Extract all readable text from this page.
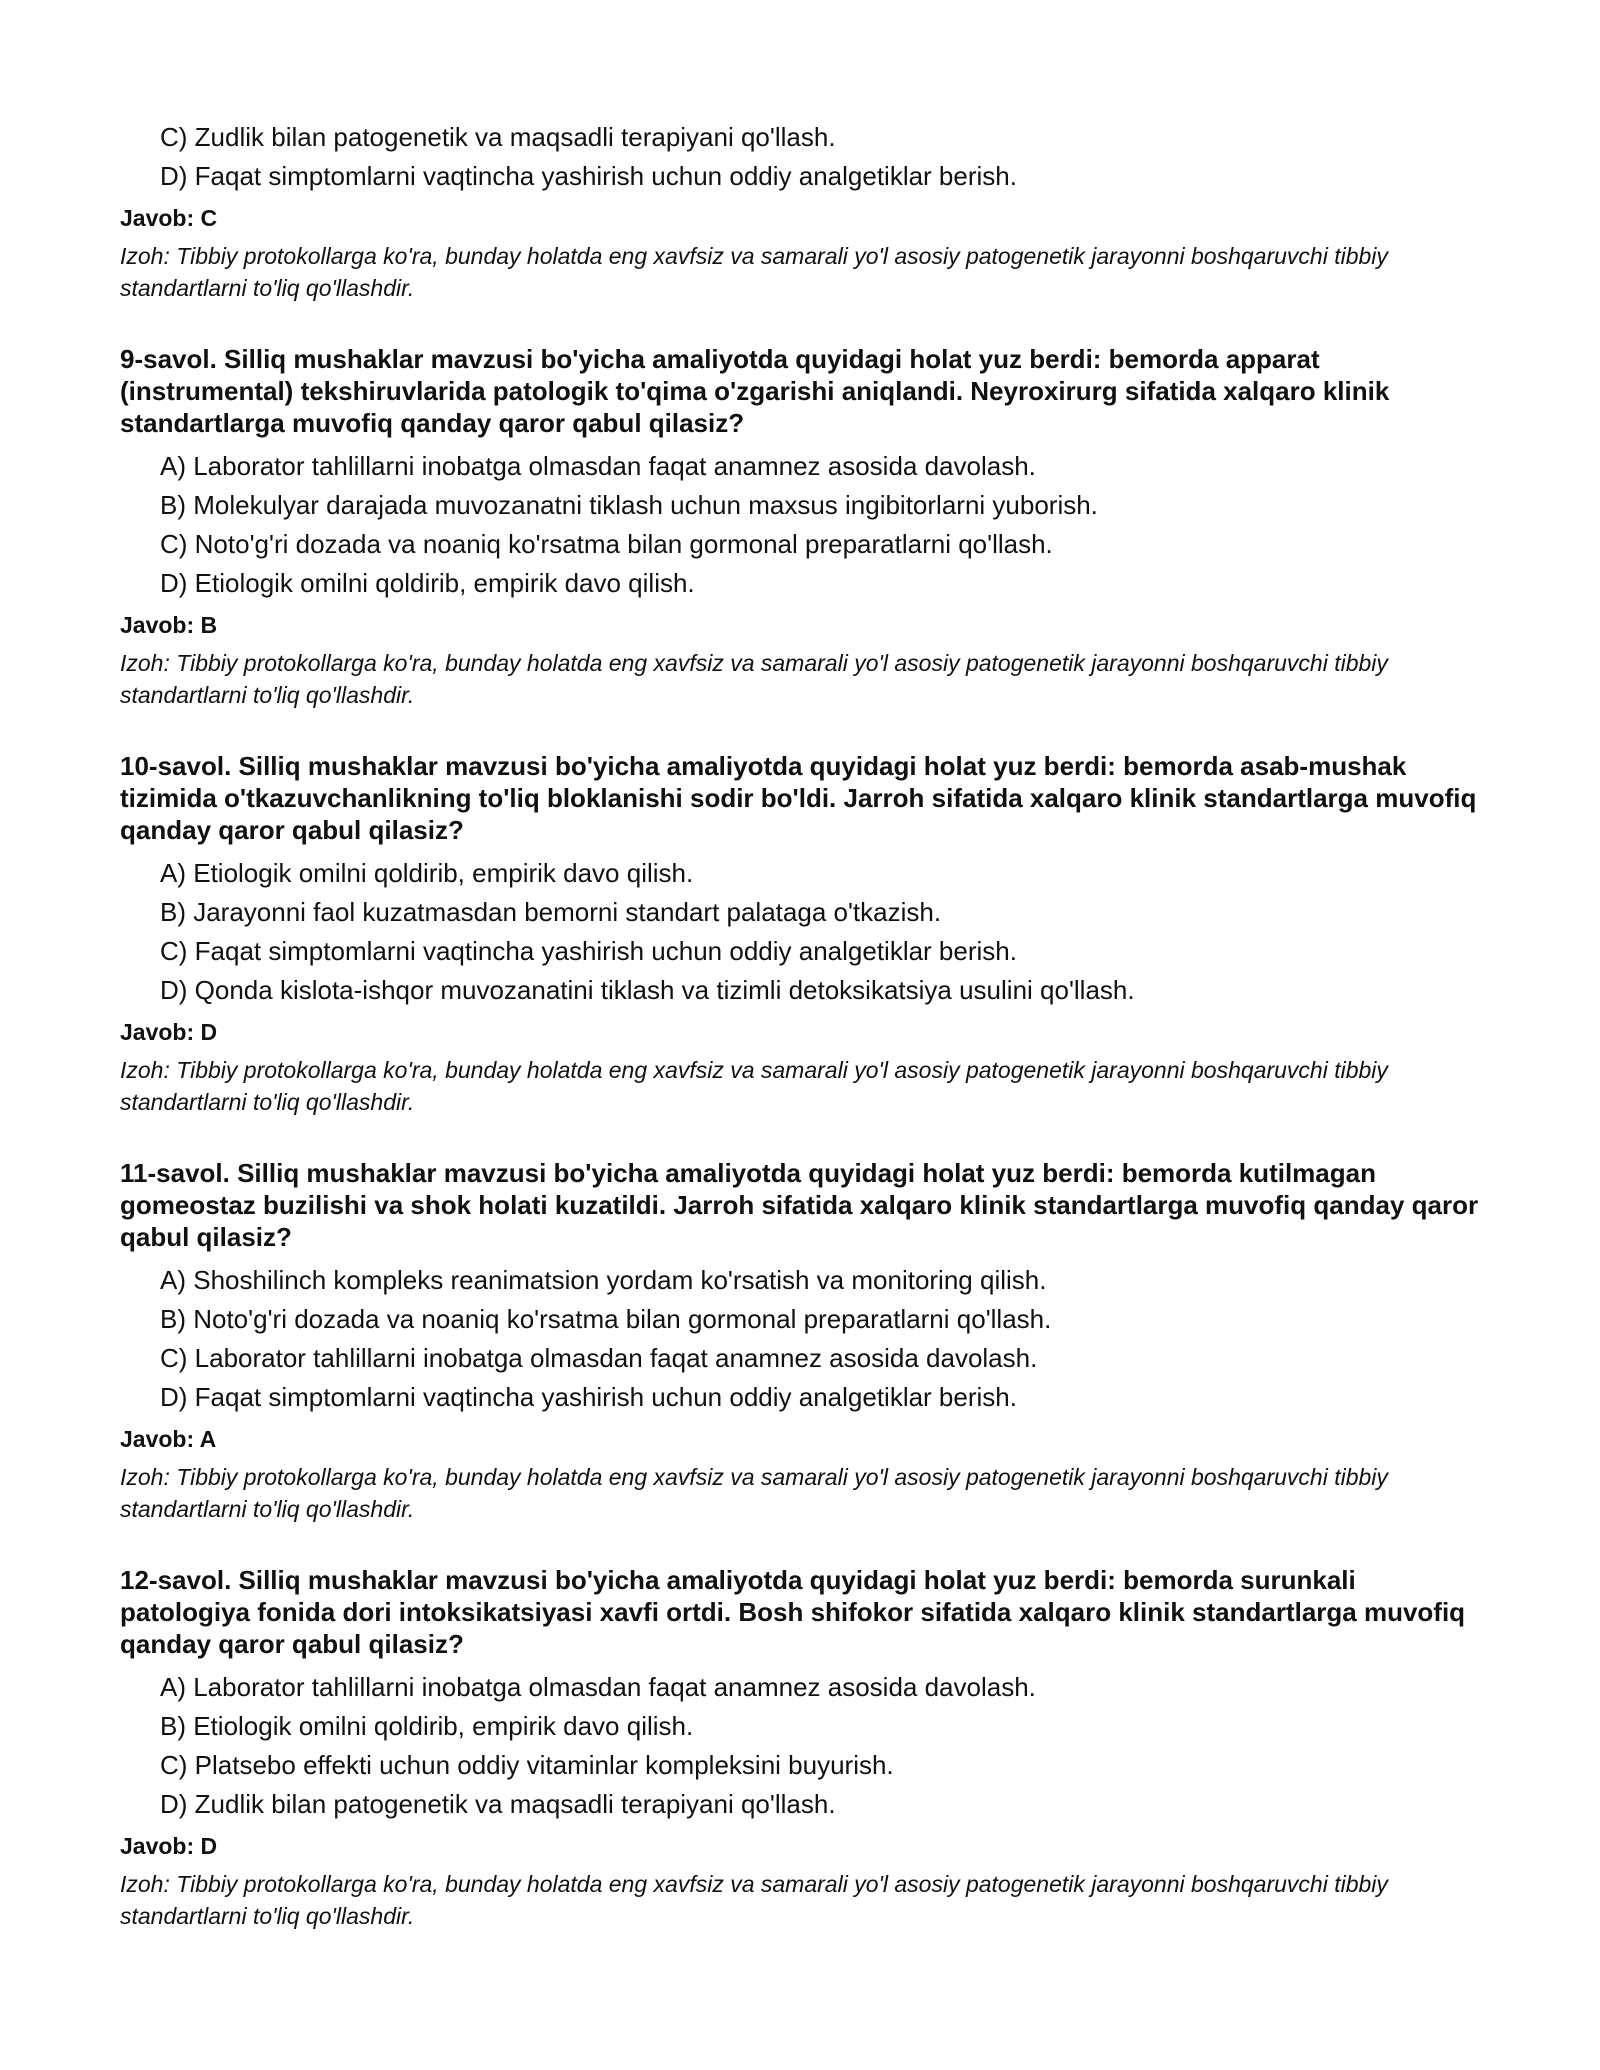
C) Zudlik bilan patogenetik va maqsadli terapiyani qo'llash.
D) Faqat simptomlarni vaqtincha yashirish uchun oddiy analgetiklar berish.
Javob: C
Izoh: Tibbiy protokollarga ko'ra, bunday holatda eng xavfsiz va samarali yo'l asosiy patogenetik jarayonni boshqaruvchi tibbiy standartlarni to'liq qo'llashdir.
9-savol. Silliq mushaklar mavzusi bo'yicha amaliyotda quyidagi holat yuz berdi: bemorda apparat (instrumental) tekshiruvlarida patologik to'qima o'zgarishi aniqlandi. Neyroxirurg sifatida xalqaro klinik standartlarga muvofiq qanday qaror qabul qilasiz?
A) Laborator tahlillarni inobatga olmasdan faqat anamnez asosida davolash.
B) Molekulyar darajada muvozanatni tiklash uchun maxsus ingibitorlarni yuborish.
C) Noto'g'ri dozada va noaniq ko'rsatma bilan gormonal preparatlarni qo'llash.
D) Etiologik omilni qoldirib, empirik davo qilish.
Javob: B
Izoh: Tibbiy protokollarga ko'ra, bunday holatda eng xavfsiz va samarali yo'l asosiy patogenetik jarayonni boshqaruvchi tibbiy standartlarni to'liq qo'llashdir.
10-savol. Silliq mushaklar mavzusi bo'yicha amaliyotda quyidagi holat yuz berdi: bemorda asab-mushak tizimida o'tkazuvchanlikning to'liq bloklanishi sodir bo'ldi. Jarroh sifatida xalqaro klinik standartlarga muvofiq qanday qaror qabul qilasiz?
A) Etiologik omilni qoldirib, empirik davo qilish.
B) Jarayonni faol kuzatmasdan bemorni standart palataga o'tkazish.
C) Faqat simptomlarni vaqtincha yashirish uchun oddiy analgetiklar berish.
D) Qonda kislota-ishqor muvozanatini tiklash va tizimli detoksikatsiya usulini qo'llash.
Javob: D
Izoh: Tibbiy protokollarga ko'ra, bunday holatda eng xavfsiz va samarali yo'l asosiy patogenetik jarayonni boshqaruvchi tibbiy standartlarni to'liq qo'llashdir.
11-savol. Silliq mushaklar mavzusi bo'yicha amaliyotda quyidagi holat yuz berdi: bemorda kutilmagan gomeostaz buzilishi va shok holati kuzatildi. Jarroh sifatida xalqaro klinik standartlarga muvofiq qanday qaror qabul qilasiz?
A) Shoshilinch kompleks reanimatsion yordam ko'rsatish va monitoring qilish.
B) Noto'g'ri dozada va noaniq ko'rsatma bilan gormonal preparatlarni qo'llash.
C) Laborator tahlillarni inobatga olmasdan faqat anamnez asosida davolash.
D) Faqat simptomlarni vaqtincha yashirish uchun oddiy analgetiklar berish.
Javob: A
Izoh: Tibbiy protokollarga ko'ra, bunday holatda eng xavfsiz va samarali yo'l asosiy patogenetik jarayonni boshqaruvchi tibbiy standartlarni to'liq qo'llashdir.
12-savol. Silliq mushaklar mavzusi bo'yicha amaliyotda quyidagi holat yuz berdi: bemorda surunkali patologiya fonida dori intoksikatsiyasi xavfi ortdi. Bosh shifokor sifatida xalqaro klinik standartlarga muvofiq qanday qaror qabul qilasiz?
A) Laborator tahlillarni inobatga olmasdan faqat anamnez asosida davolash.
B) Etiologik omilni qoldirib, empirik davo qilish.
C) Platsebo effekti uchun oddiy vitaminlar kompleksini buyurish.
D) Zudlik bilan patogenetik va maqsadli terapiyani qo'llash.
Javob: D
Izoh: Tibbiy protokollarga ko'ra, bunday holatda eng xavfsiz va samarali yo'l asosiy patogenetik jarayonni boshqaruvchi tibbiy standartlarni to'liq qo'llashdir.
